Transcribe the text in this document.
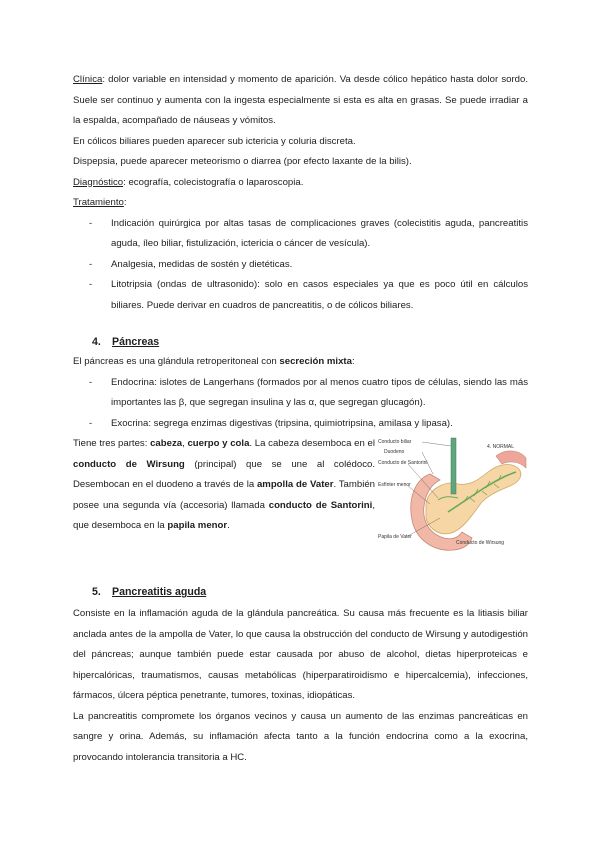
Clínica: dolor variable en intensidad y momento de aparición. Va desde cólico hepático hasta dolor sordo. Suele ser continuo y aumenta con la ingesta especialmente si esta es alta en grasas. Se puede irradiar a la espalda, acompañado de náuseas y vómitos.

En cólicos biliares pueden aparecer sub ictericia y coluria discreta.

Dispepsia, puede aparecer meteorismo o diarrea (por efecto laxante de la bilis).

Diagnóstico: ecografía, colecistografía o laparoscopia.

Tratamiento:

- Indicación quirúrgica por altas tasas de complicaciones graves (colecistitis aguda, pancreatitis aguda, íleo biliar, fistulización, ictericia o cáncer de vesícula).
- Analgesia, medidas de sostén y dietéticas.
- Litotripsia (ondas de ultrasonido): solo en casos especiales ya que es poco útil en cálculos biliares. Puede derivar en cuadros de pancreatitis, o de cólicos biliares.
4.	Páncreas

El páncreas es una glándula retroperitoneal con secreción mixta:

- Endocrina: islotes de Langerhans (formados por al menos cuatro tipos de células, siendo las más importantes las β, que segregan insulina y las α, que segregan glucagón).
- Exocrina: segrega enzimas digestivas (tripsina, quimiotripsina, amilasa y lipasa).

Tiene tres partes: cabeza, cuerpo y cola. La cabeza desemboca en el conducto de Wirsung (principal) que se une al colédoco. Desembocan en el duodeno a través de la ampolla de Vater. También posee una segunda vía (accesoria) llamada conducto de Santorini, que desemboca en la papila menor.

4. NORMAL
Conducto biliar
Duodeno
Conducto de Santorini
Esfínter menor
Papila de Vater
Conducto de Wirsung
5.	Pancreatitis aguda

Consiste en la inflamación aguda de la glándula pancreática. Su causa más frecuente es la litiasis biliar anclada antes de la ampolla de Vater, lo que causa la obstrucción del conducto de Wirsung y autodigestión del páncreas; aunque también puede estar causada por abuso de alcohol, dietas hiperproteicas e hipercalóricas, traumatismos, causas metabólicas (hiperparatiroidismo e hipercalcemia), infecciones, fármacos, úlcera péptica penetrante, tumores, toxinas, idiopáticas.

La pancreatitis compromete los órganos vecinos y causa un aumento de las enzimas pancreáticas en sangre y orina. Además, su inflamación afecta tanto a la función endocrina como a la exocrina, provocando intolerancia transitoria a HC.
